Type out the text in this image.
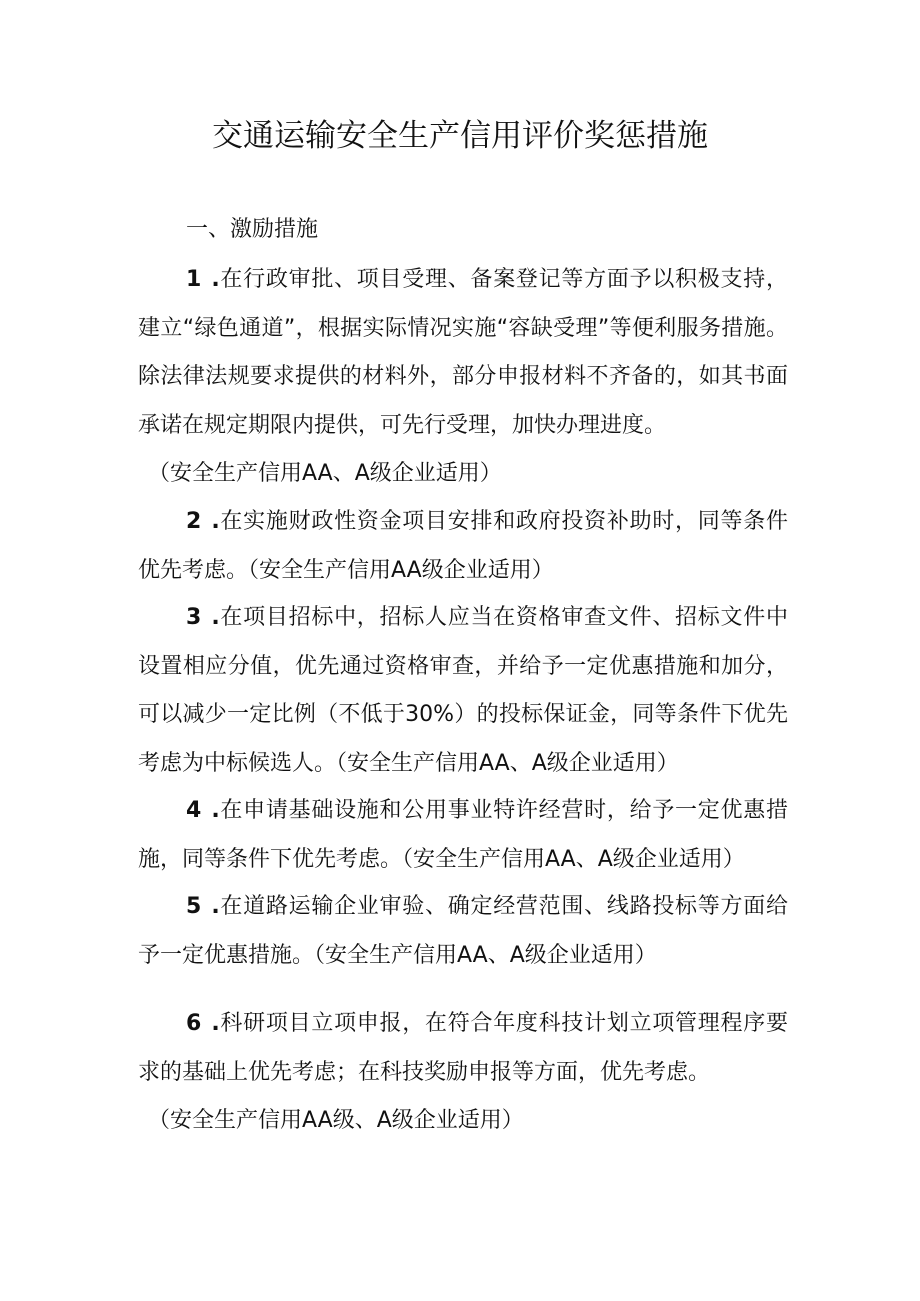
交通运输安全生产信用评价奖惩措施
一、激励措施

1 .在行政审批、项目受理、备案登记等方面予以积极支持，建立“绿色通道”，根据实际情况实施“容缺受理”等便利服务措施。除法律法规要求提供的材料外，部分申报材料不齐备的，如其书面承诺在规定期限内提供，可先行受理，加快办理进度。
（安全生产信用AA、A级企业适用）

2 .在实施财政性资金项目安排和政府投资补助时，同等条件优先考虑。（安全生产信用AA级企业适用）

3 .在项目招标中，招标人应当在资格审查文件、招标文件中设置相应分值，优先通过资格审查，并给予一定优惠措施和加分，可以减少一定比例（不低于30%）的投标保证金，同等条件下优先考虑为中标候选人。（安全生产信用AA、A级企业适用）

4 .在申请基础设施和公用事业特许经营时，给予一定优惠措施，同等条件下优先考虑。（安全生产信用AA、A级企业适用）

5 .在道路运输企业审验、确定经营范围、线路投标等方面给予一定优惠措施。（安全生产信用AA、A级企业适用）

6 .科研项目立项申报，在符合年度科技计划立项管理程序要求的基础上优先考虑；在科技奖励申报等方面，优先考虑。
（安全生产信用AA级、A级企业适用）
